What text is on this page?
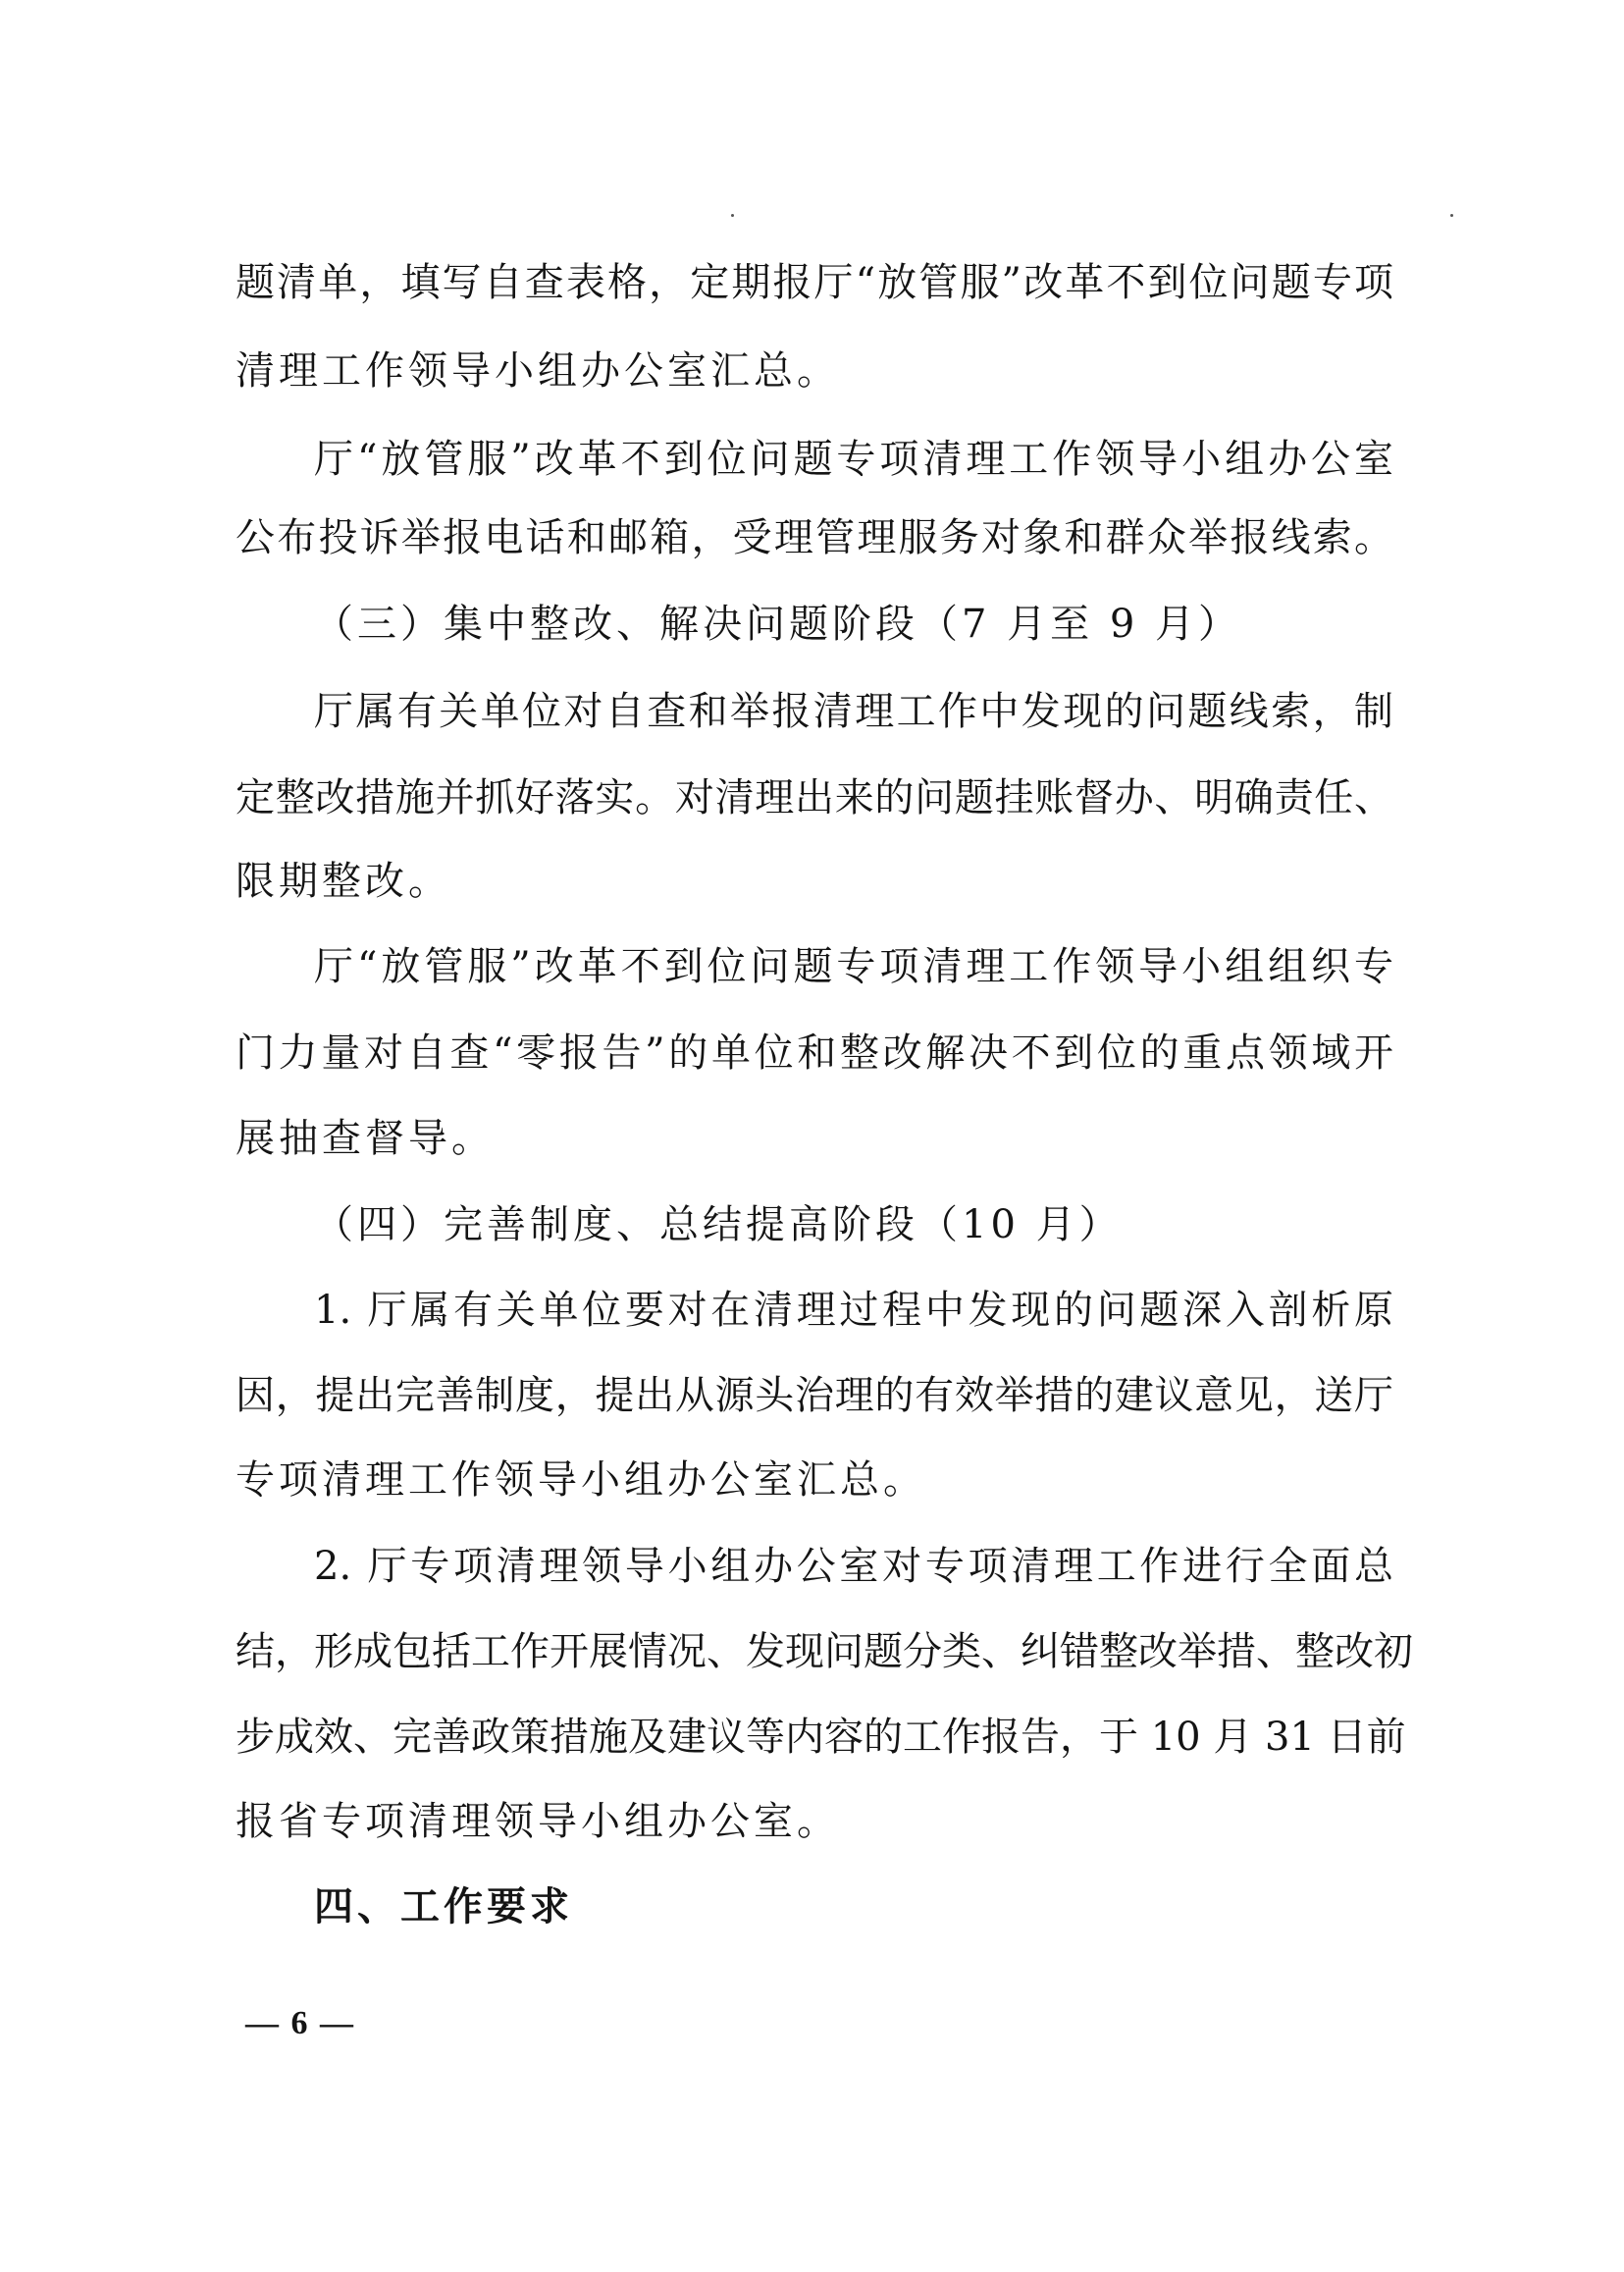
题清单，填写自查表格，定期报厅“放管服”改革不到位问题专项
清理工作领导小组办公室汇总。
厅“放管服”改革不到位问题专项清理工作领导小组办公室
公布投诉举报电话和邮箱，受理管理服务对象和群众举报线索。
（三）集中整改、解决问题阶段（7 月至 9 月）
厅属有关单位对自查和举报清理工作中发现的问题线索，制
定整改措施并抓好落实。对清理出来的问题挂账督办、明确责任、
限期整改。
厅“放管服”改革不到位问题专项清理工作领导小组组织专
门力量对自查“零报告”的单位和整改解决不到位的重点领域开
展抽查督导。
（四）完善制度、总结提高阶段（10 月）
1. 厅属有关单位要对在清理过程中发现的问题深入剖析原
因，提出完善制度，提出从源头治理的有效举措的建议意见，送厅
专项清理工作领导小组办公室汇总。
2. 厅专项清理领导小组办公室对专项清理工作进行全面总
结，形成包括工作开展情况、发现问题分类、纠错整改举措、整改初
步成效、完善政策措施及建议等内容的工作报告，于 10 月 31 日前
报省专项清理领导小组办公室。
四、工作要求
— 6 —
